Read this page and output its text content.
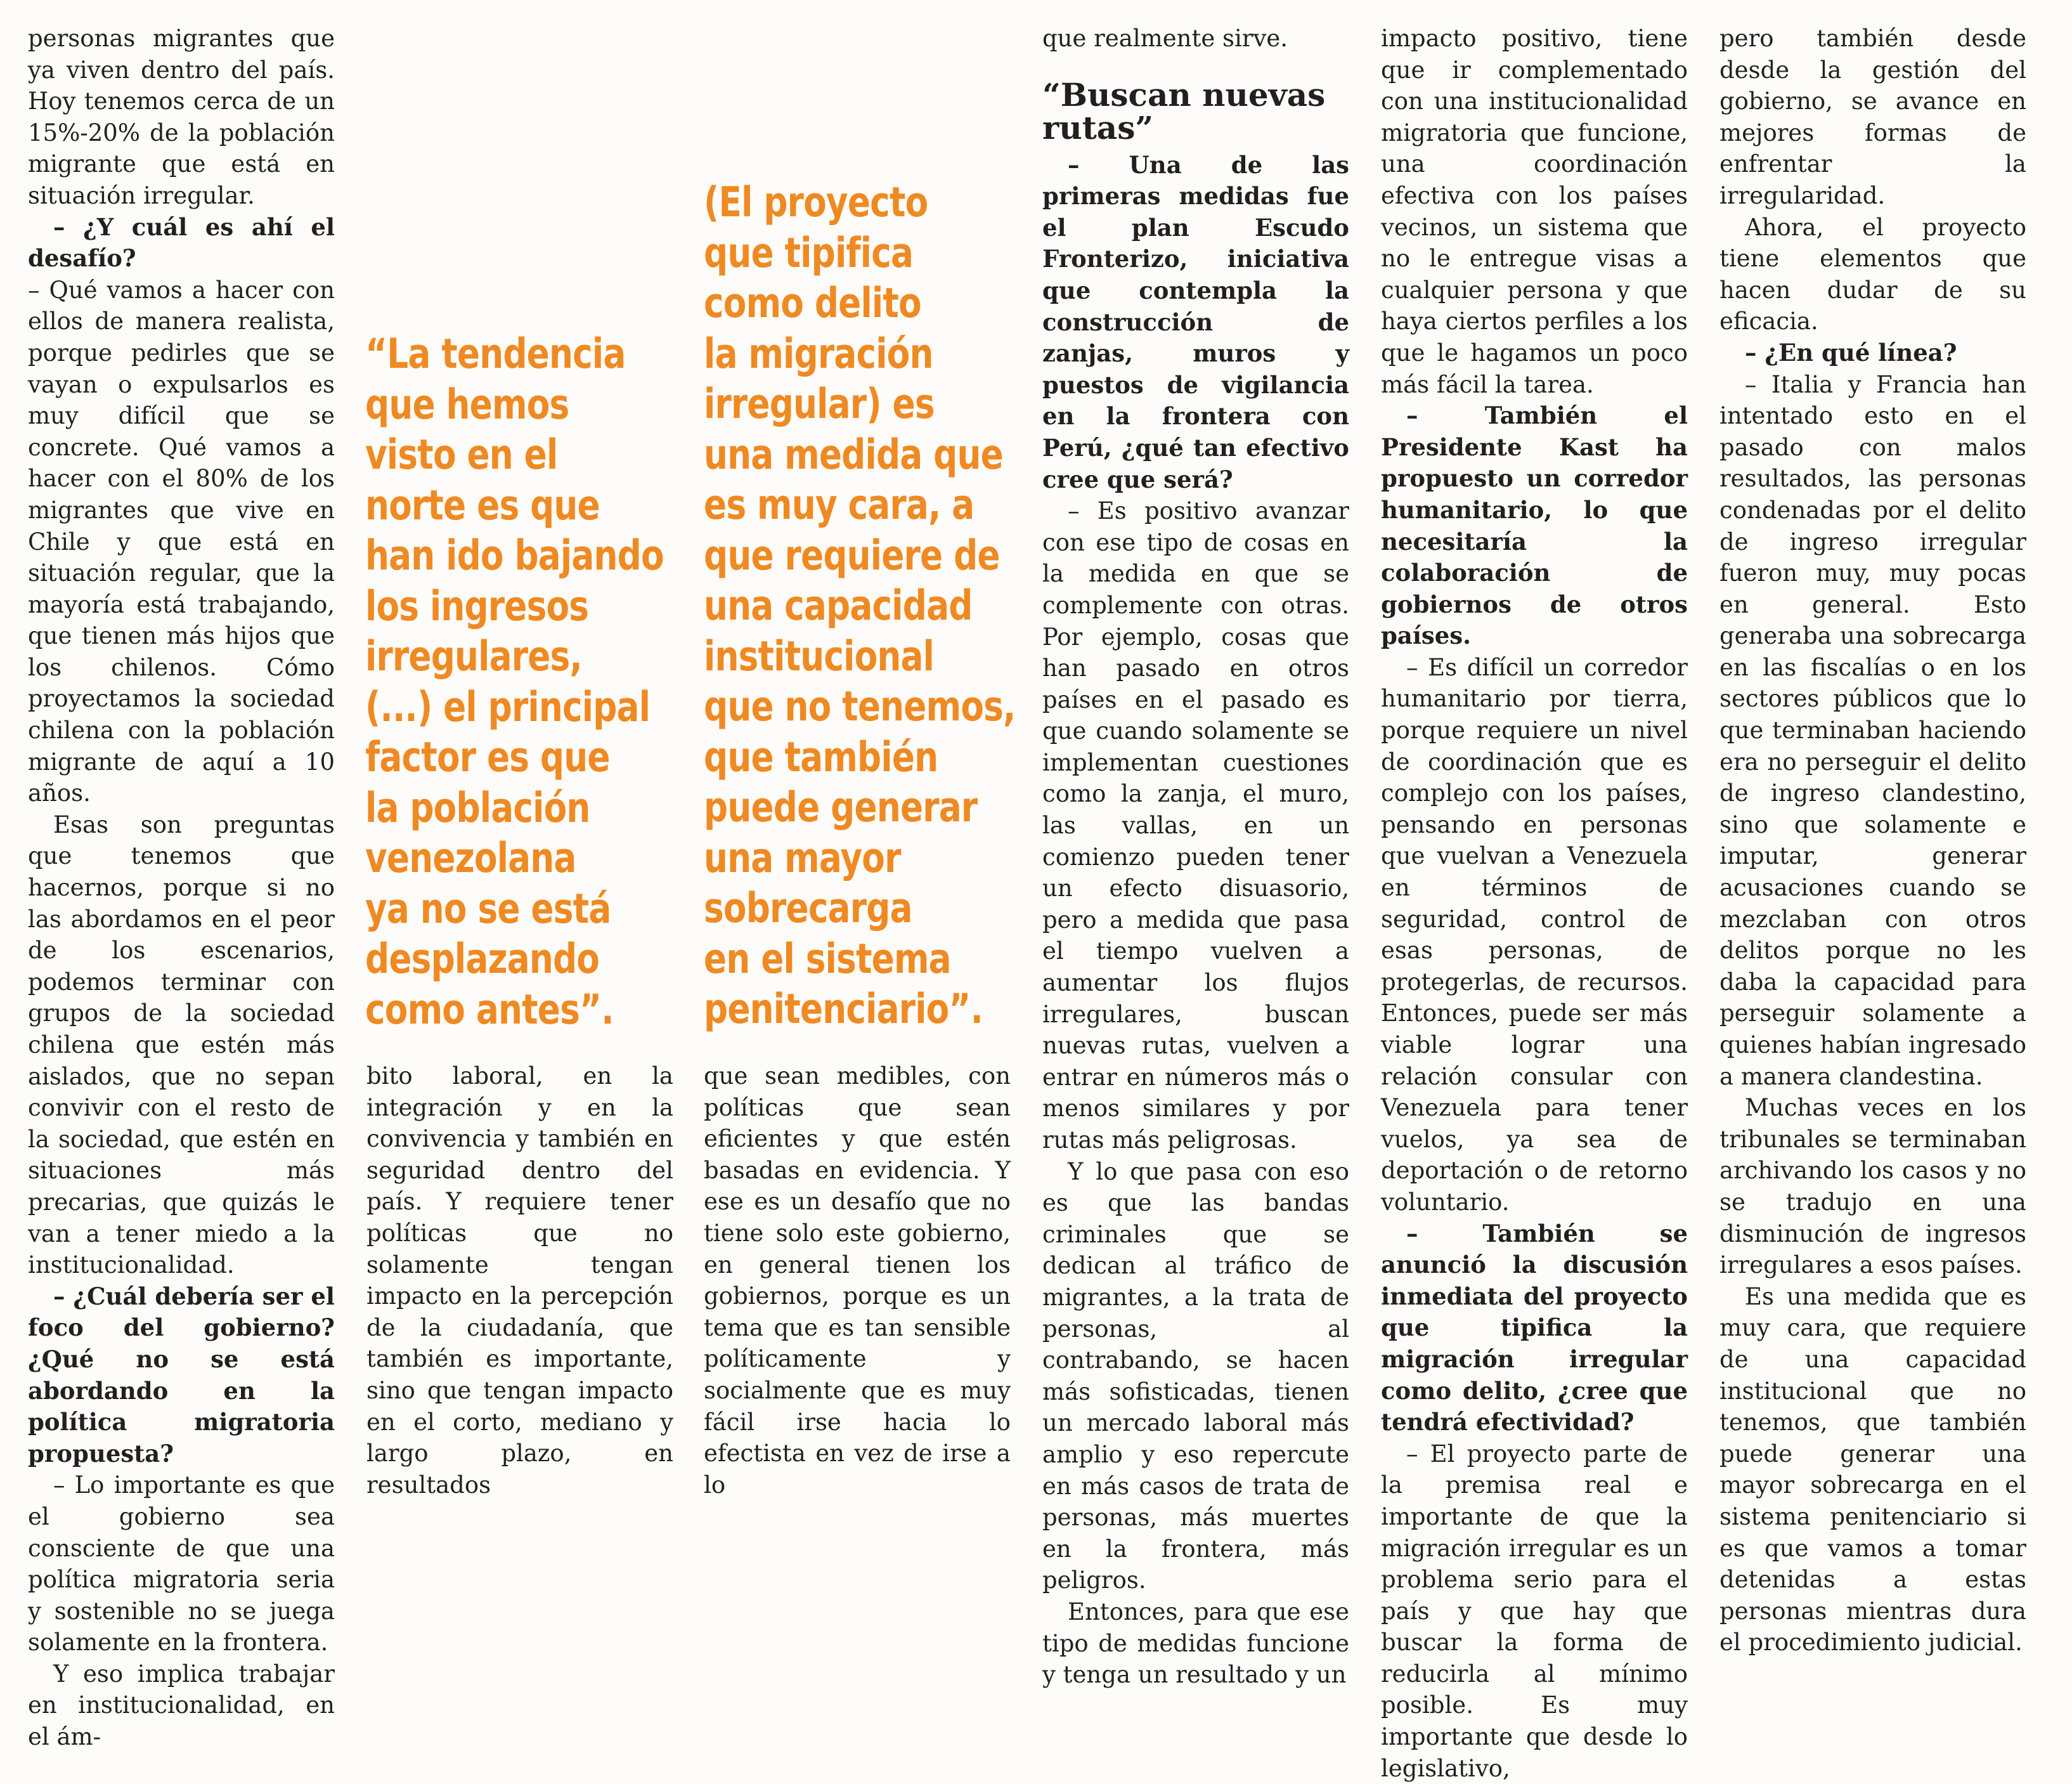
personas migrantes que ya viven dentro del país. Hoy tenemos cerca de un 15%-20% de la población migrante que está en situación irregular.

– ¿Y cuál es ahí el desafío?

– Qué vamos a hacer con ellos de manera realista, porque pedirles que se vayan o expulsarlos es muy difícil que se concrete. Qué vamos a hacer con el 80% de los migrantes que vive en Chile y que está en situación regular, que la mayoría está trabajando, que tienen más hijos que los chilenos. Cómo proyectamos la sociedad chilena con la población migrante de aquí a 10 años.

Esas son preguntas que tenemos que hacernos, porque si no las abordamos en el peor de los escenarios, podemos terminar con grupos de la sociedad chilena que estén más aislados, que no sepan convivir con el resto de la sociedad, que estén en situaciones más precarias, que quizás le van a tener miedo a la institucionalidad.

– ¿Cuál debería ser el foco del gobierno? ¿Qué no se está abordando en la política migratoria propuesta?

– Lo importante es que el gobierno sea consciente de que una política migratoria seria y sostenible no se juega solamente en la frontera.

Y eso implica trabajar en institucionalidad, en el ám-

“La tendencia
que hemos
visto en el
norte es que
han ido bajando
los ingresos
irregulares,
(...) el principal
factor es que
la población
venezolana
ya no se está
desplazando
como antes”.
(El proyecto
que tipifica
como delito
la migración
irregular) es
una medida que
es muy cara, a
que requiere de
una capacidad
institucional
que no tenemos,
que también
puede generar
una mayor
sobrecarga
en el sistema
penitenciario”.

bito laboral, en la integración y en la convivencia y también en seguridad dentro del país. Y requiere tener políticas que no solamente tengan impacto en la percepción de la ciudadanía, que también es importante, sino que tengan impacto en el corto, mediano y largo plazo, en resultados

que sean medibles, con políticas que sean eficientes y que estén basadas en evidencia. Y ese es un desafío que no tiene solo este gobierno, en general tienen los gobiernos, porque es un tema que es tan sensible políticamente y socialmente que es muy fácil irse hacia lo efectista en vez de irse a lo

que realmente sirve.

“Buscan nuevas rutas”

– Una de las primeras medidas fue el plan Escudo Fronterizo, iniciativa que contempla la construcción de zanjas, muros y puestos de vigilancia en la frontera con Perú, ¿qué tan efectivo cree que será?

– Es positivo avanzar con ese tipo de cosas en la medida en que se complemente con otras. Por ejemplo, cosas que han pasado en otros países en el pasado es que cuando solamente se implementan cuestiones como la zanja, el muro, las vallas, en un comienzo pueden tener un efecto disuasorio, pero a medida que pasa el tiempo vuelven a aumentar los flujos irregulares, buscan nuevas rutas, vuelven a entrar en números más o menos similares y por rutas más peligrosas.

Y lo que pasa con eso es que las bandas criminales que se dedican al tráfico de migrantes, a la trata de personas, al contrabando, se hacen más sofisticadas, tienen un mercado laboral más amplio y eso repercute en más casos de trata de personas, más muertes en la frontera, más peligros.

Entonces, para que ese tipo de medidas funcione y tenga un resultado y un

impacto positivo, tiene que ir complementado con una institucionalidad migratoria que funcione, una coordinación efectiva con los países vecinos, un sistema que no le entregue visas a cualquier persona y que haya ciertos perfiles a los que le hagamos un poco más fácil la tarea.

– También el Presidente Kast ha propuesto un corredor humanitario, lo que necesitaría la colaboración de gobiernos de otros países.

– Es difícil un corredor humanitario por tierra, porque requiere un nivel de coordinación que es complejo con los países, pensando en personas que vuelvan a Venezuela en términos de seguridad, control de esas personas, de protegerlas, de recursos. Entonces, puede ser más viable lograr una relación consular con Venezuela para tener vuelos, ya sea de deportación o de retorno voluntario.

– También se anunció la discusión inmediata del proyecto que tipifica la migración irregular como delito, ¿cree que tendrá efectividad?

– El proyecto parte de la premisa real e importante de que la migración irregular es un problema serio para el país y que hay que buscar la forma de reducirla al mínimo posible. Es muy importante que desde lo legislativo,

pero también desde desde la gestión del gobierno, se avance en mejores formas de enfrentar la irregularidad.

Ahora, el proyecto tiene elementos que hacen dudar de su eficacia.

– ¿En qué línea?

– Italia y Francia han intentado esto en el pasado con malos resultados, las personas condenadas por el delito de ingreso irregular fueron muy, muy pocas en general. Esto generaba una sobrecarga en las fiscalías o en los sectores públicos que lo que terminaban haciendo era no perseguir el delito de ingreso clandestino, sino que solamente e imputar, generar acusaciones cuando se mezclaban con otros delitos porque no les daba la capacidad para perseguir solamente a quienes habían ingresado a manera clandestina.

Muchas veces en los tribunales se terminaban archivando los casos y no se tradujo en una disminución de ingresos irregulares a esos países.

Es una medida que es muy cara, que requiere de una capacidad institucional que no tenemos, que también puede generar una mayor sobrecarga en el sistema penitenciario si es que vamos a tomar detenidas a estas personas mientras dura el procedimiento judicial.
